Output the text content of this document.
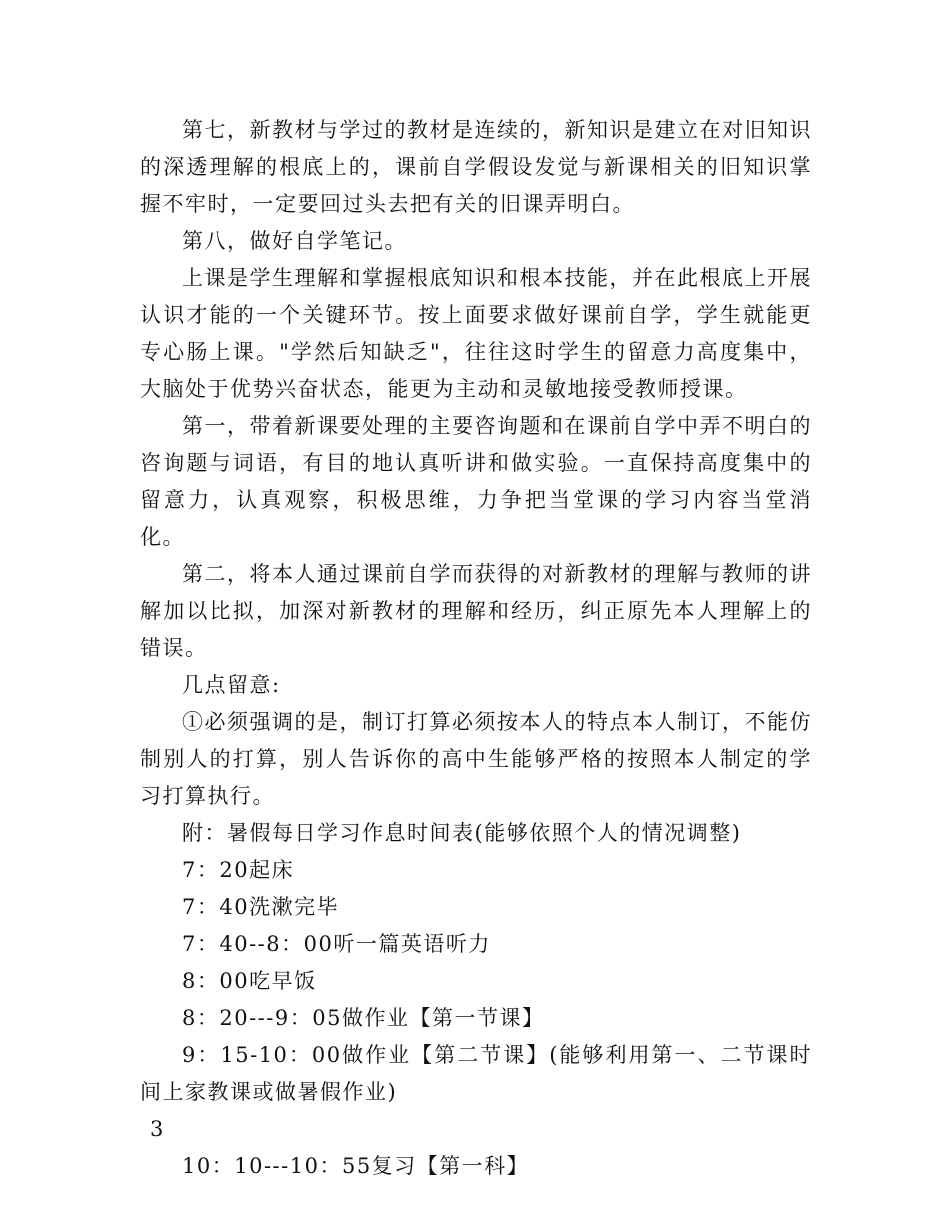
第七，新教材与学过的教材是连续的，新知识是建立在对旧知识的深透理解的根底上的，课前自学假设发觉与新课相关的旧知识掌握不牢时，一定要回过头去把有关的旧课弄明白。

第八，做好自学笔记。

上课是学生理解和掌握根底知识和根本技能，并在此根底上开展认识才能的一个关键环节。按上面要求做好课前自学，学生就能更专心肠上课。"学然后知缺乏"，往往这时学生的留意力高度集中，大脑处于优势兴奋状态，能更为主动和灵敏地接受教师授课。

第一，带着新课要处理的主要咨询题和在课前自学中弄不明白的咨询题与词语，有目的地认真听讲和做实验。一直保持高度集中的留意力，认真观察，积极思维，力争把当堂课的学习内容当堂消化。

第二，将本人通过课前自学而获得的对新教材的理解与教师的讲解加以比拟，加深对新教材的理解和经历，纠正原先本人理解上的错误。

几点留意:

①必须强调的是，制订打算必须按本人的特点本人制订，不能仿制别人的打算，别人告诉你的高中生能够严格的按照本人制定的学习打算执行。

附：暑假每日学习作息时间表(能够依照个人的情况调整)

7：20起床

7：40洗漱完毕

7：40--8：00听一篇英语听力

8：00吃早饭

8：20---9：05做作业【第一节课】

9：15-10：00做作业【第二节课】(能够利用第一、二节课时间上家教课或做暑假作业)

3

10：10---10：55复习【第一科】
